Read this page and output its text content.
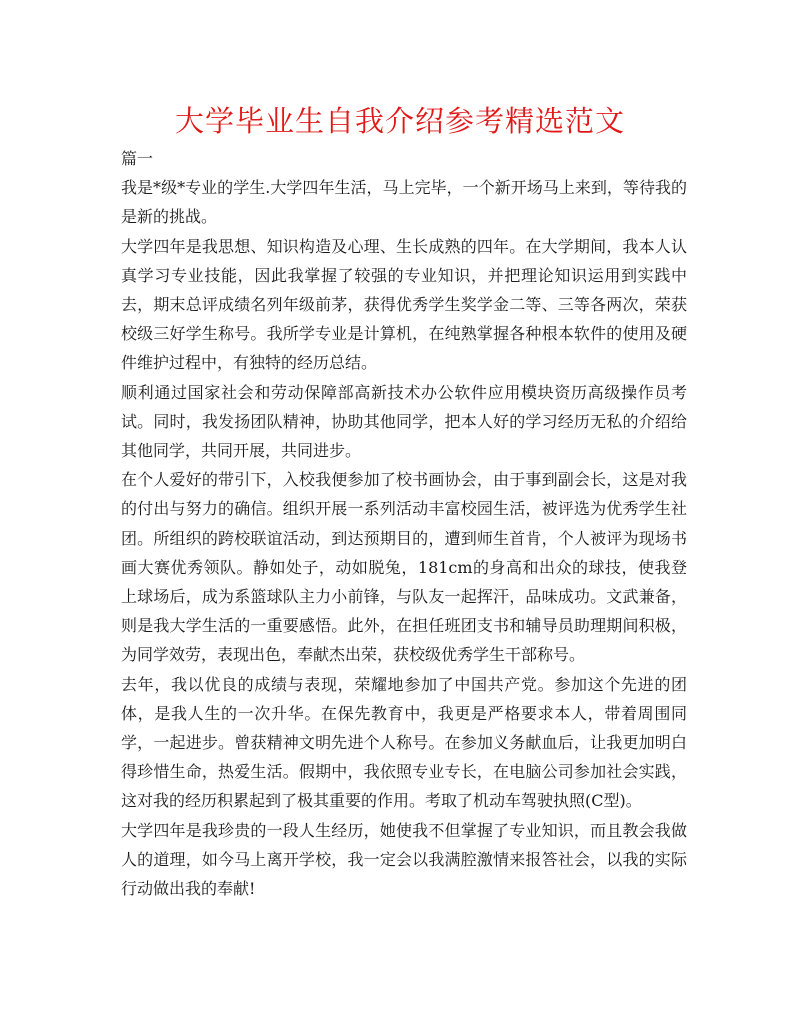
大学毕业生自我介绍参考精选范文

篇一

我是*级*专业的学生.大学四年生活，马上完毕，一个新开场马上来到，等待我的是新的挑战。

大学四年是我思想、知识构造及心理、生长成熟的四年。在大学期间，我本人认真学习专业技能，因此我掌握了较强的专业知识，并把理论知识运用到实践中去，期末总评成绩名列年级前茅，获得优秀学生奖学金二等、三等各两次，荣获校级三好学生称号。我所学专业是计算机，在纯熟掌握各种根本软件的使用及硬件维护过程中，有独特的经历总结。

顺利通过国家社会和劳动保障部高新技术办公软件应用模块资历高级操作员考试。同时，我发扬团队精神，协助其他同学，把本人好的学习经历无私的介绍给其他同学，共同开展，共同进步。

在个人爱好的带引下，入校我便参加了校书画协会，由于事到副会长，这是对我的付出与努力的确信。组织开展一系列活动丰富校园生活，被评选为优秀学生社团。所组织的跨校联谊活动，到达预期目的，遭到师生首肯，个人被评为现场书画大赛优秀领队。静如处子，动如脱兔，181cm的身高和出众的球技，使我登上球场后，成为系篮球队主力小前锋，与队友一起挥汗，品味成功。文武兼备，则是我大学生活的一重要感悟。此外，在担任班团支书和辅导员助理期间积极，为同学效劳，表现出色，奉献杰出荣，获校级优秀学生干部称号。

去年，我以优良的成绩与表现，荣耀地参加了中国共产党。参加这个先进的团体，是我人生的一次升华。在保先教育中，我更是严格要求本人，带着周围同学，一起进步。曾获精神文明先进个人称号。在参加义务献血后，让我更加明白得珍惜生命，热爱生活。假期中，我依照专业专长，在电脑公司参加社会实践，这对我的经历积累起到了极其重要的作用。考取了机动车驾驶执照(C型)。

大学四年是我珍贵的一段人生经历，她使我不但掌握了专业知识，而且教会我做人的道理，如今马上离开学校，我一定会以我满腔激情来报答社会，以我的实际行动做出我的奉献!
